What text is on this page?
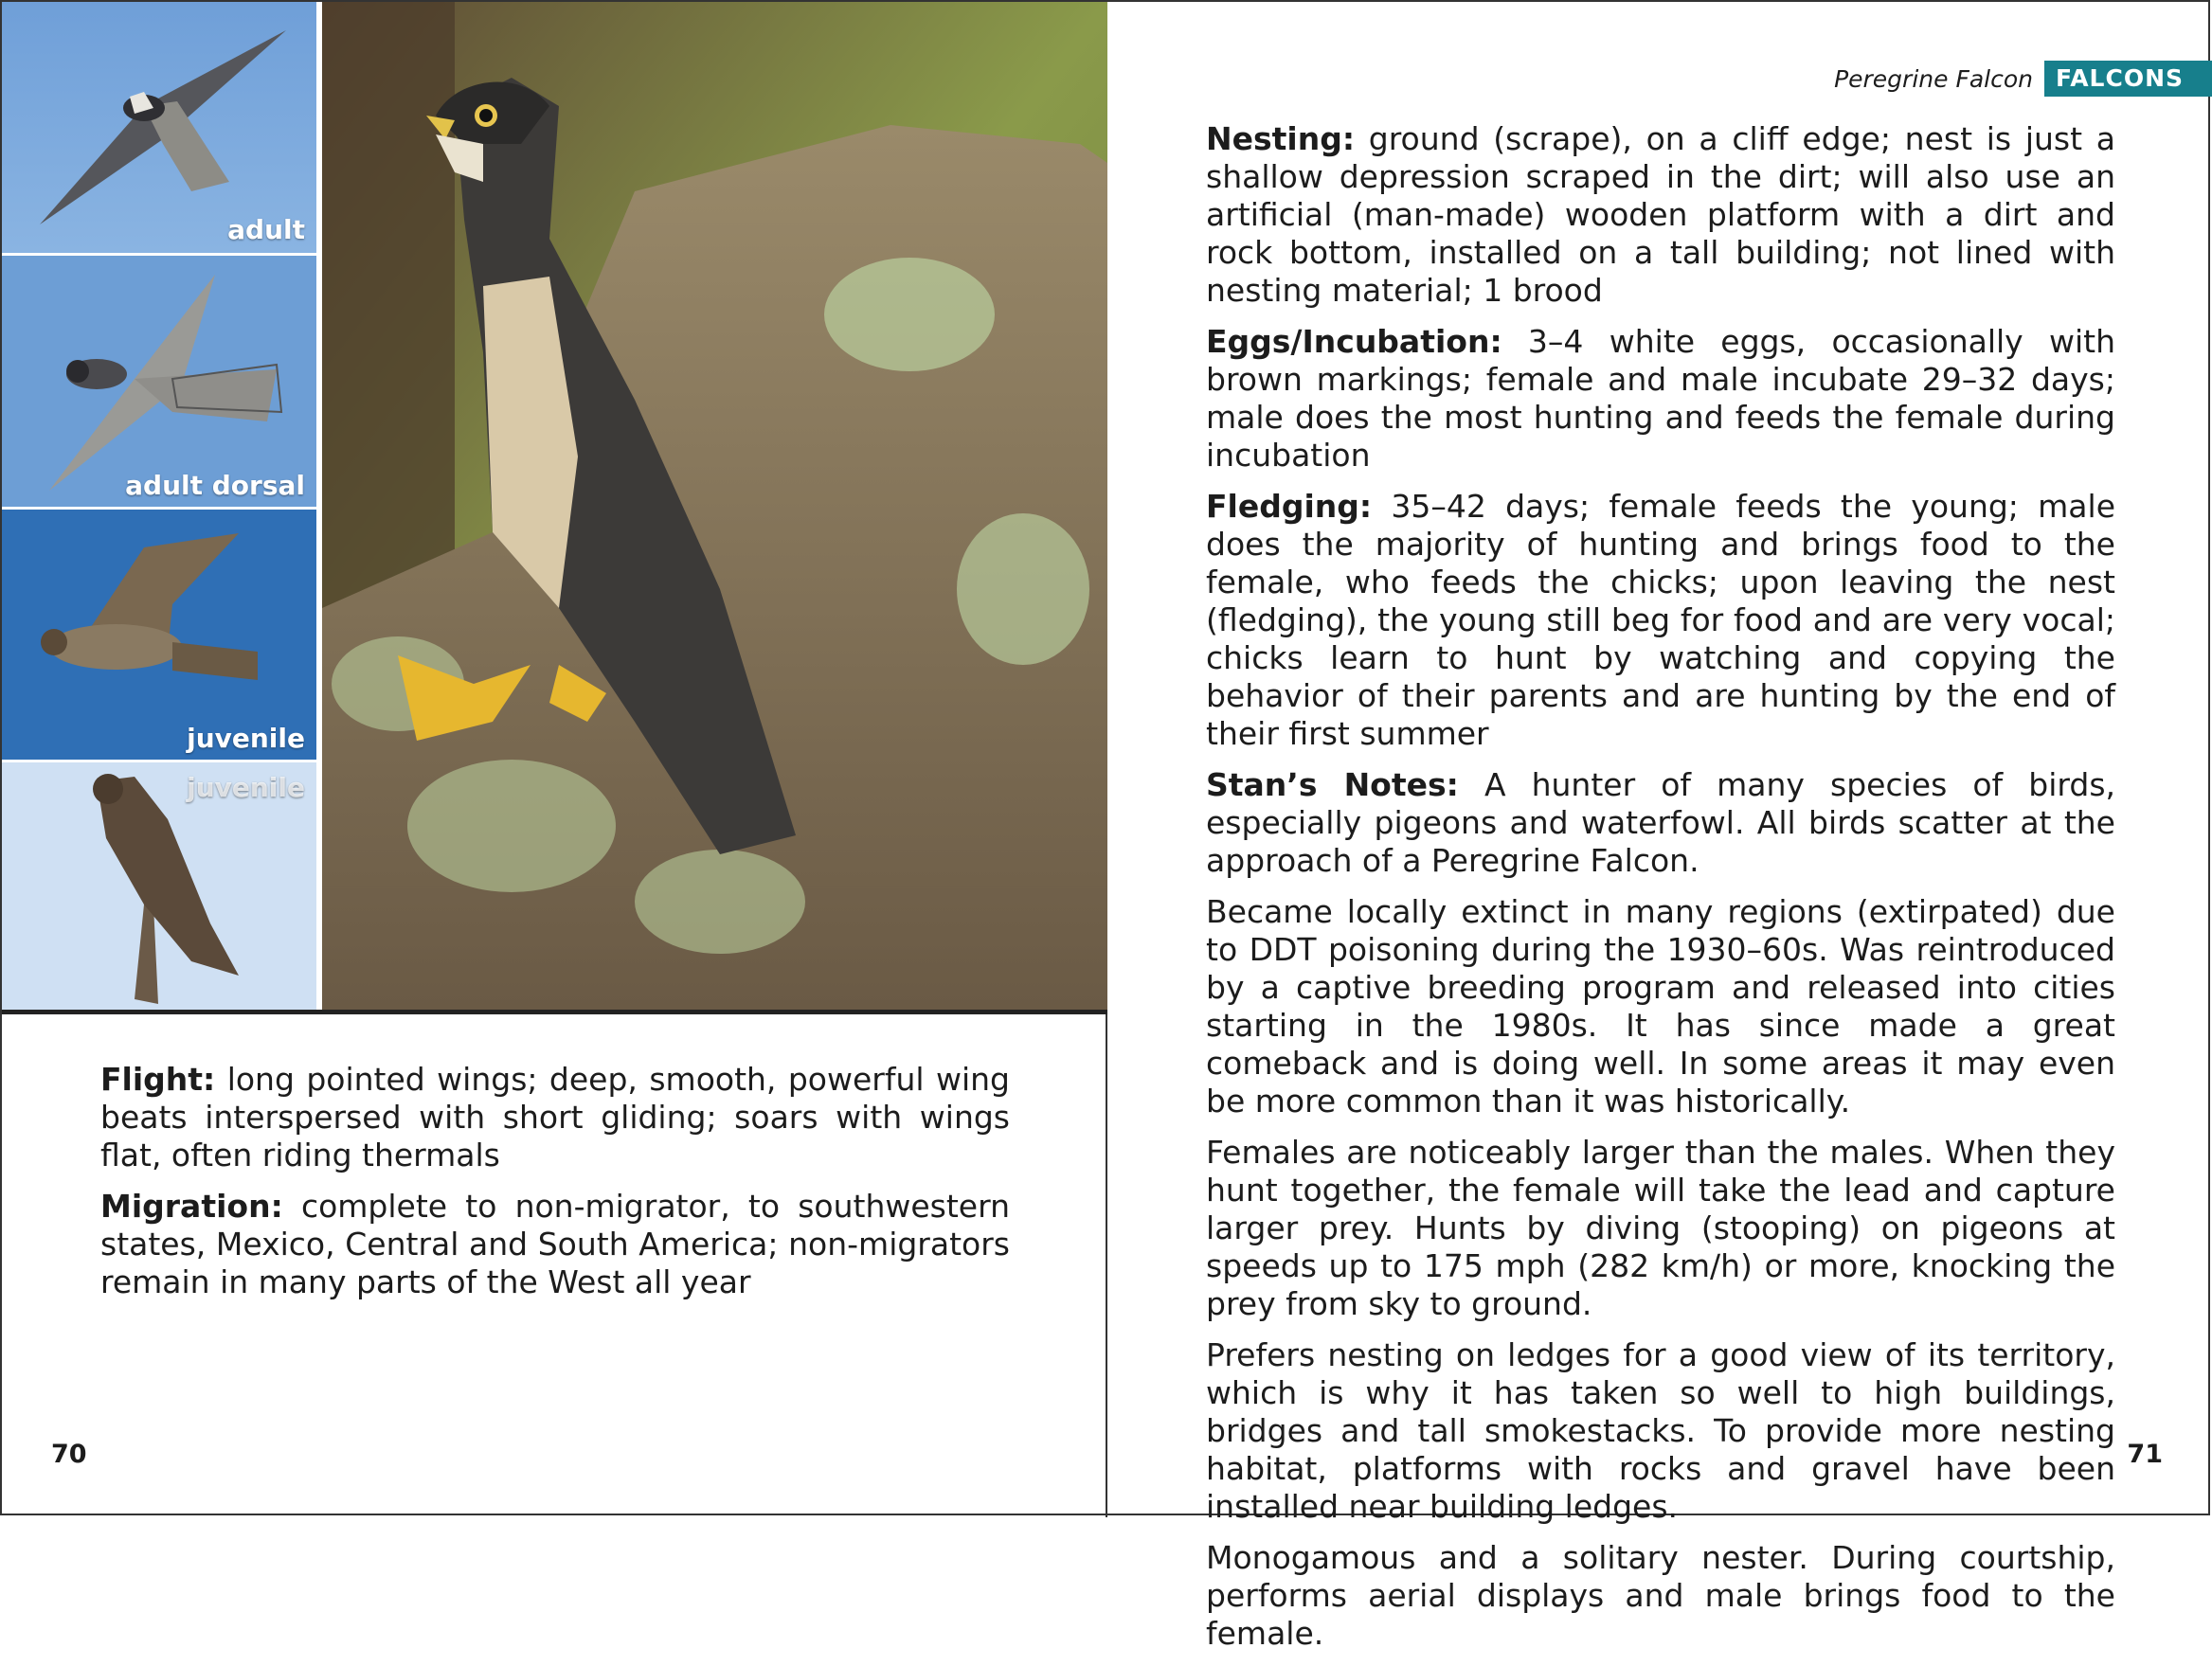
adult
adult dorsal
juvenile
juvenile

Flight: long pointed wings; deep, smooth, powerful wing beats interspersed with short gliding; soars with wings flat, often riding thermals

Migration: complete to non-migrator, to southwestern states, Mexico, Central and South America; non-migrators remain in many parts of the West all year

70
Peregrine Falcon FALCONS

Nesting: ground (scrape), on a cliff edge; nest is just a shallow depression scraped in the dirt; will also use an artificial (man-made) wooden platform with a dirt and rock bottom, installed on a tall building; not lined with nesting material; 1 brood

Eggs/Incubation: 3–4 white eggs, occasionally with brown markings; female and male incubate 29–32 days; male does the most hunting and feeds the female during incubation

Fledging: 35–42 days; female feeds the young; male does the majority of hunting and brings food to the female, who feeds the chicks; upon leaving the nest (fledging), the young still beg for food and are very vocal; chicks learn to hunt by watching and copying the behavior of their parents and are hunting by the end of their first summer

Stan’s Notes: A hunter of many species of birds, especially pigeons and waterfowl. All birds scatter at the approach of a Peregrine Falcon.

Became locally extinct in many regions (extirpated) due to DDT poisoning during the 1930–60s. Was reintroduced by a captive breeding program and released into cities starting in the 1980s. It has since made a great comeback and is doing well. In some areas it may even be more common than it was historically.

Females are noticeably larger than the males. When they hunt together, the female will take the lead and capture larger prey. Hunts by diving (stooping) on pigeons at speeds up to 175 mph (282 km/h) or more, knocking the prey from sky to ground.

Prefers nesting on ledges for a good view of its territory, which is why it has taken so well to high buildings, bridges and tall smokestacks. To provide more nesting habitat, platforms with rocks and gravel have been installed near building ledges.

Monogamous and a solitary nester. During courtship, performs aerial displays and male brings food to the female.

71
